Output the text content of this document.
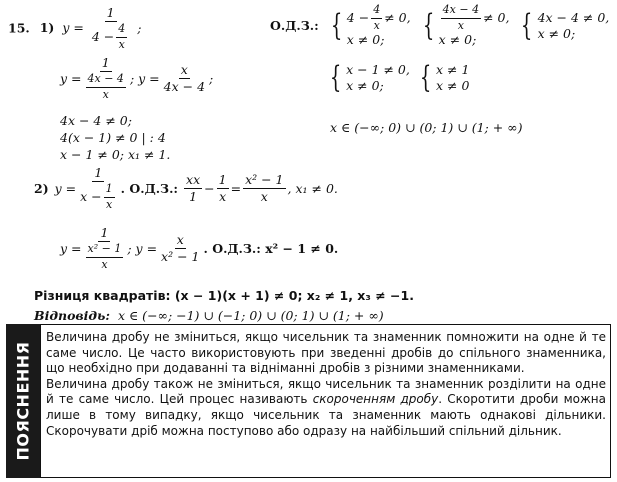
15. 1) $y = \frac{1}{4 - \frac{4}{x}}$ ;	О.Д.З.: { $4 - \frac{4}{x} \ne 0$,
x ≠ 0;	{ $\frac{4x - 4}{x} \ne 0$,
x ≠ 0;	{ 4x − 4 ≠ 0,
x ≠ 0;
{ x − 1 ≠ 0,
x ≠ 0;	{ x ≠ 1
x ≠ 0
x ∈ (−∞; 0) ∪ (0; 1) ∪ (1; + ∞)
$y = \frac{1}{\frac{4x - 4}{x}}$ ; $y = \frac{x}{4x - 4}$ ;
4x − 4 ≠ 0;
4(x − 1) ≠ 0 | : 4
x − 1 ≠ 0; x₁ ≠ 1.
2) $y = \frac{1}{x - \frac{1}{x}}$ . О.Д.З.: $\frac{xx}{1} - \frac{1}{x} = \frac{\text{x² − 1}}{x}$ , x₁ ≠ 0.
$y = \frac{1}{\frac{\text{x² − 1}}{x}}$ ; $y = \frac{x}{\text{x² − 1}}$ . О.Д.З.: x² − 1 ≠ 0.
Різниця квадратів: (x − 1)(x + 1) ≠ 0; x₂ ≠ 1, x₃ ≠ −1.
Відповідь: x ∈ (−∞; −1) ∪ (−1; 0) ∪ (0; 1) ∪ (1; + ∞)
ПОЯСНЕННЯ

Величина дробу не зміниться, якщо чисельник та знаменник помножити на одне й те саме число. Це часто використовують при зведенні дробів до спільного знаменника, що необхідно при додаванні та відніманні дробів з різними знаменниками.

Величина дробу також не зміниться, якщо чисельник та знаменник розділити на одне й те саме число. Цей процес називають скороченням дробу. Скоротити дроби можна лише в тому випадку, якщо чисельник та знаменник мають однакові дільники. Скорочувати дріб можна поступово або одразу на найбільший спільний дільник.
